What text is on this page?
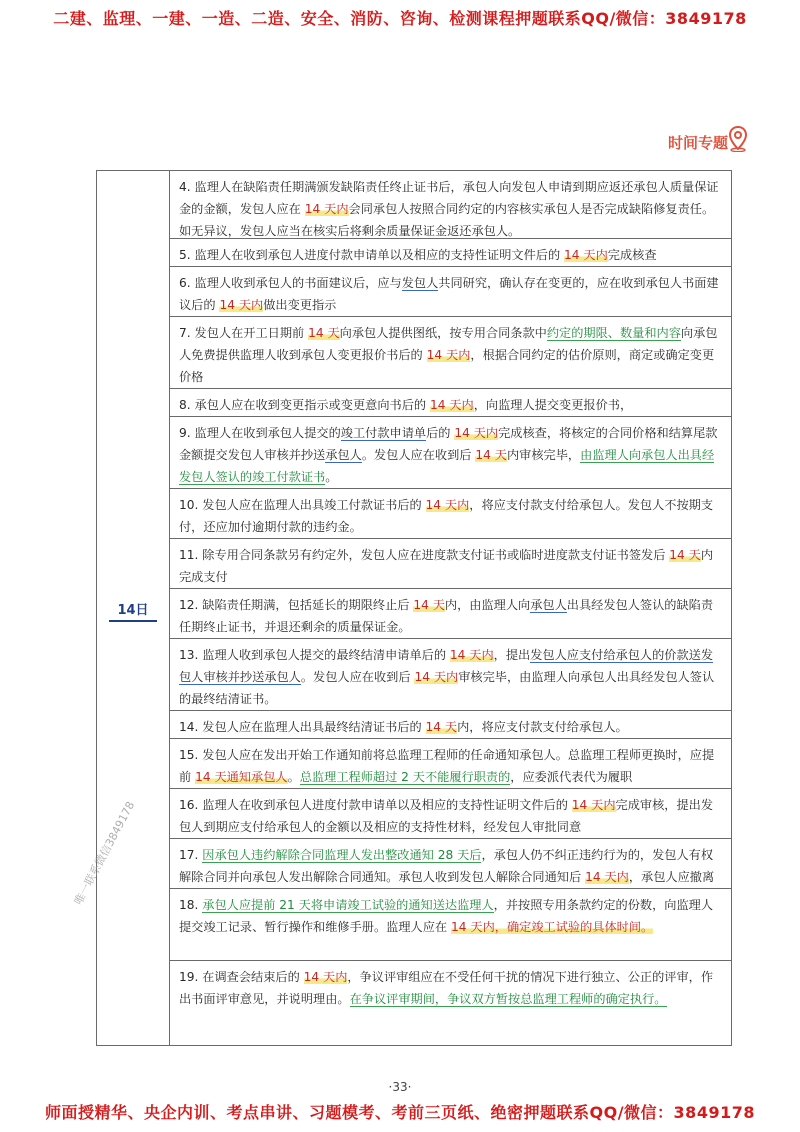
二建、监理、一建、一造、二造、安全、消防、咨询、检测课程押题联系QQ/微信：3849178
时间专题
14日
4. 监理人在缺陷责任期满颁发缺陷责任终止证书后，承包人向发包人申请到期应返还承包人质量保证金的金额，发包人应在 14 天内会同承包人按照合同约定的内容核实承包人是否完成缺陷修复责任。如无异议，发包人应当在核实后将剩余质量保证金返还承包人。
5. 监理人在收到承包人进度付款申请单以及相应的支持性证明文件后的 14 天内完成核查
6. 监理人收到承包人的书面建议后，应与发包人共同研究，确认存在变更的，应在收到承包人书面建议后的 14 天内做出变更指示
7. 发包人在开工日期前 14 天向承包人提供图纸，按专用合同条款中约定的期限、数量和内容向承包人免费提供监理人收到承包人变更报价书后的 14 天内，根据合同约定的估价原则，商定或确定变更价格
8. 承包人应在收到变更指示或变更意向书后的 14 天内，向监理人提交变更报价书，
9. 监理人在收到承包人提交的竣工付款申请单后的 14 天内完成核查，将核定的合同价格和结算尾款金额提交发包人审核并抄送承包人。发包人应在收到后 14 天内审核完毕，由监理人向承包人出具经发包人签认的竣工付款证书。
10. 发包人应在监理人出具竣工付款证书后的 14 天内，将应支付款支付给承包人。发包人不按期支付，还应加付逾期付款的违约金。
11. 除专用合同条款另有约定外，发包人应在进度款支付证书或临时进度款支付证书签发后 14 天内完成支付
12. 缺陷责任期满，包括延长的期限终止后 14 天内，由监理人向承包人出具经发包人签认的缺陷责任期终止证书，并退还剩余的质量保证金。
13. 监理人收到承包人提交的最终结清申请单后的 14 天内，提出发包人应支付给承包人的价款送发包人审核并抄送承包人。发包人应在收到后 14 天内审核完毕，由监理人向承包人出具经发包人签认的最终结清证书。
14. 发包人应在监理人出具最终结清证书后的 14 天内，将应支付款支付给承包人。
15. 发包人应在发出开始工作通知前将总监理工程师的任命通知承包人。总监理工程师更换时，应提前 14 天通知承包人。总监理工程师超过 2 天不能履行职责的，应委派代表代为履职
16. 监理人在收到承包人进度付款申请单以及相应的支持性证明文件后的 14 天内完成审核，提出发包人到期应支付给承包人的金额以及相应的支持性材料，经发包人审批同意
17. 因承包人违约解除合同监理人发出整改通知 28 天后，承包人仍不纠正违约行为的，发包人有权解除合同并向承包人发出解除合同通知。承包人收到发包人解除合同通知后 14 天内，承包人应撤离
18. 承包人应提前 21 天将申请竣工试验的通知送达监理人，并按照专用条款约定的份数，向监理人提交竣工记录、暂行操作和维修手册。监理人应在 14 天内，确定竣工试验的具体时间。
19. 在调查会结束后的 14 天内，争议评审组应在不受任何干扰的情况下进行独立、公正的评审，作出书面评审意见，并说明理由。在争议评审期间，争议双方暂按总监理工程师的确定执行。
唯一联系微信3849178
·33·
师面授精华、央企内训、考点串讲、习题模考、考前三页纸、绝密押题联系QQ/微信：3849178
